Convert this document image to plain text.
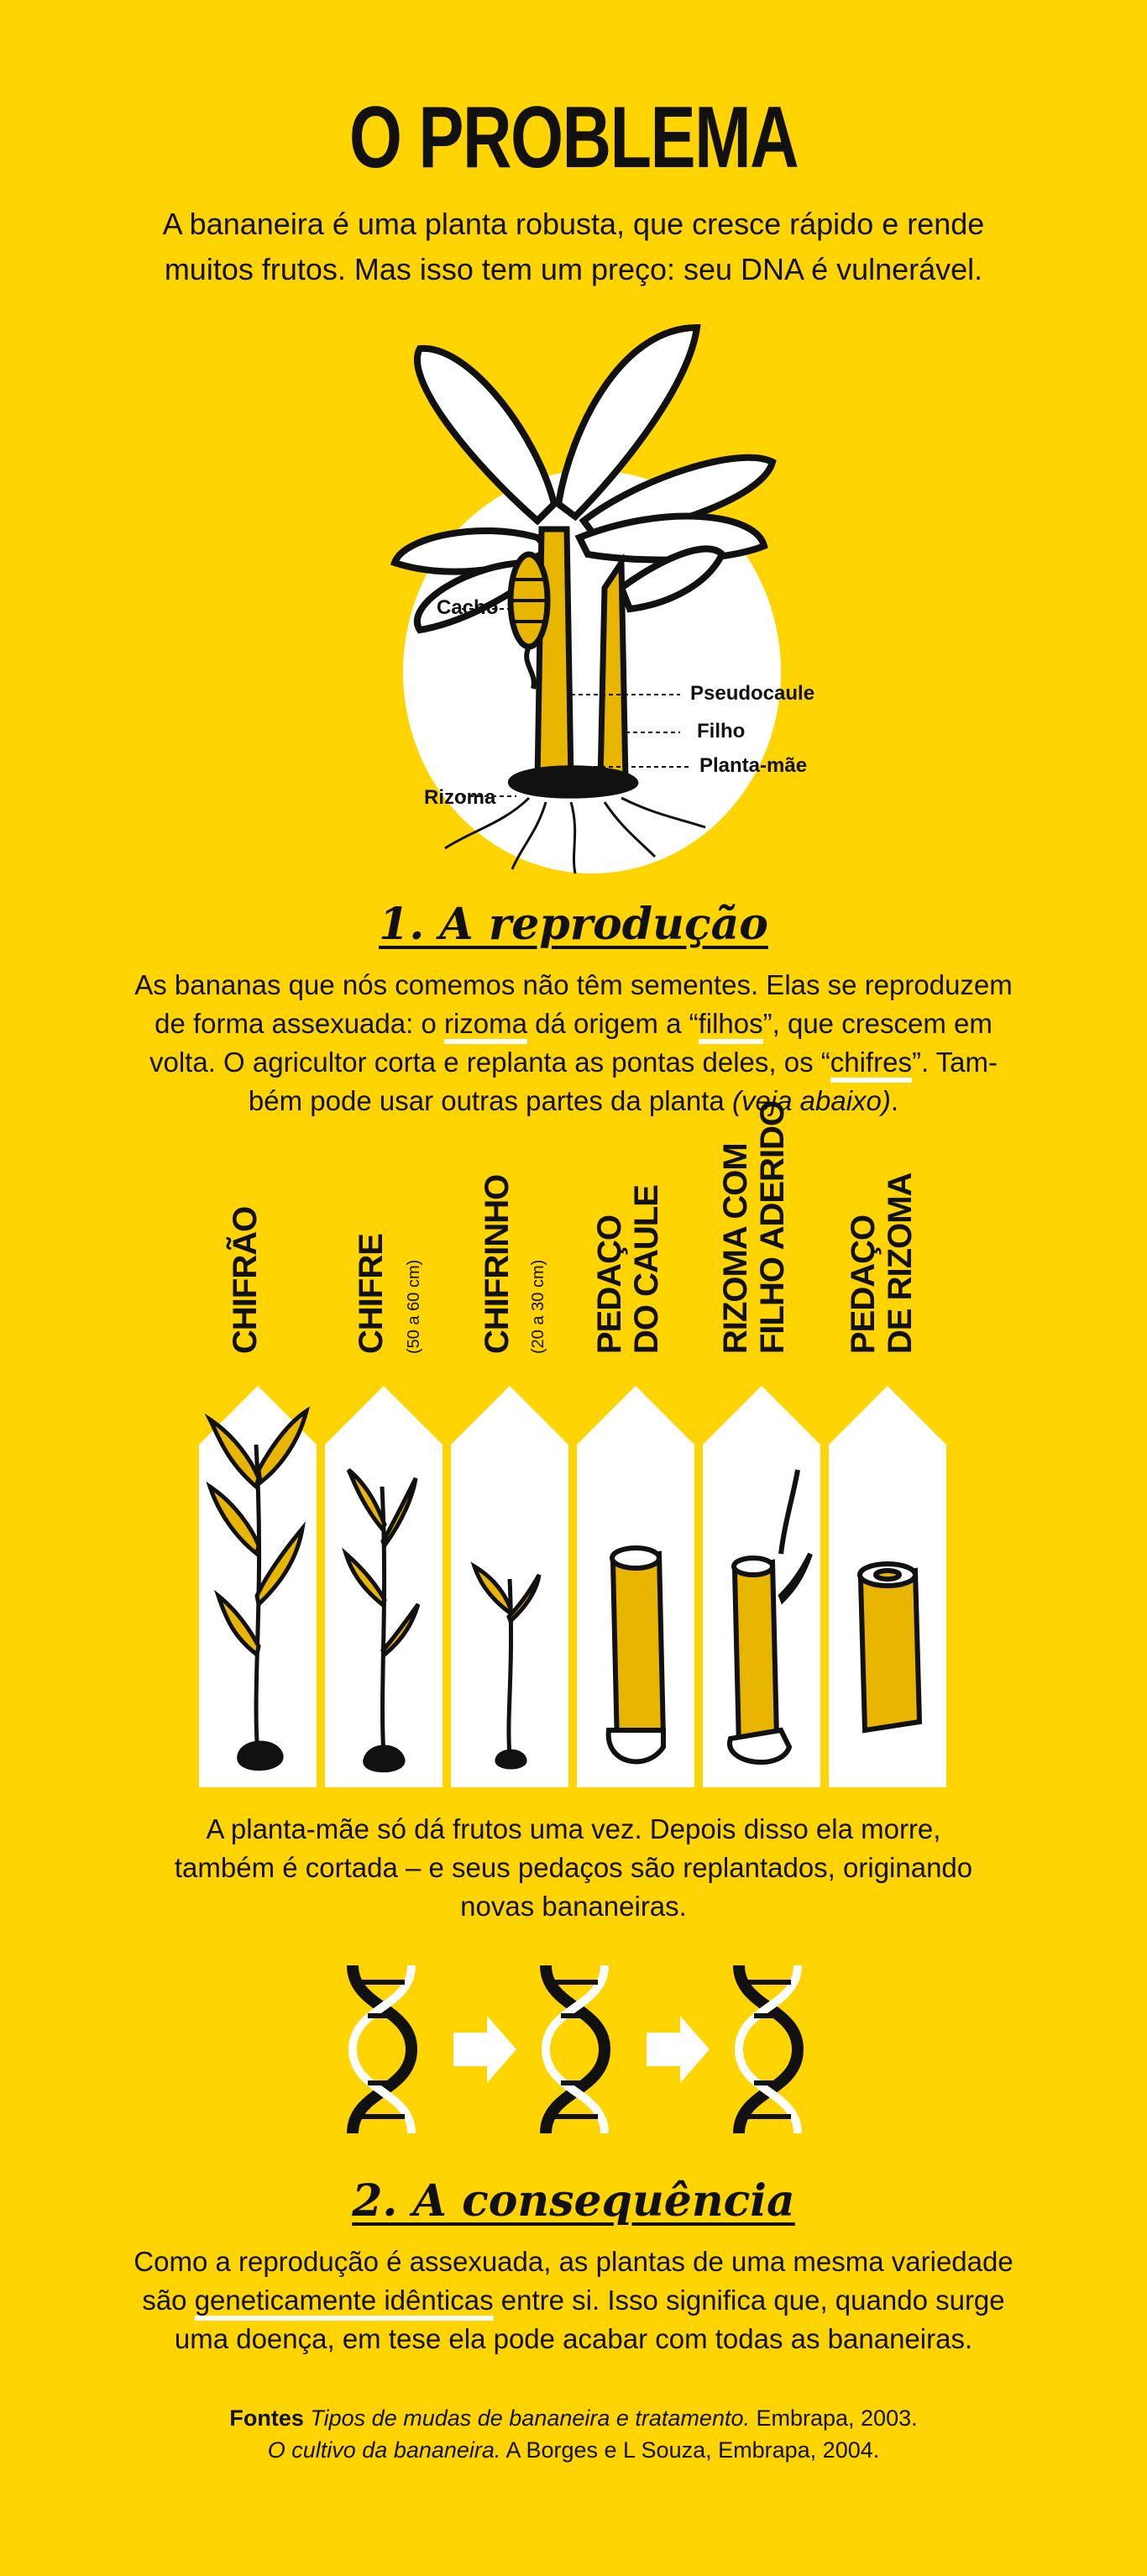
O PROBLEMA
A bananeira é uma planta robusta, que cresce rápido e rende
muitos frutos. Mas isso tem um preço: seu DNA é vulnerável.
Cacho
Pseudocaule
Filho
Planta-mãe
Rizoma
1. A reprodução
As bananas que nós comemos não têm sementes. Elas se reproduzem
de forma assexuada: o rizoma dá origem a “filhos”, que crescem em
volta. O agricultor corta e replanta as pontas deles, os “chifres”. Tam-
bém pode usar outras partes da planta (veja abaixo).
CHIFRÃO	CHIFRE (50 a 60 cm) CHIFRINHO (20 a 30 cm) PEDAÇO DO CAULE RIZOMA COM FILHO ADERIDO PEDAÇO DE RIZOMA
A planta-mãe só dá frutos uma vez. Depois disso ela morre,
também é cortada – e seus pedaços são replantados, originando
novas bananeiras.
2. A consequência
Como a reprodução é assexuada, as plantas de uma mesma variedade
são geneticamente idênticas entre si. Isso significa que, quando surge
uma doença, em tese ela pode acabar com todas as bananeiras.
Fontes Tipos de mudas de bananeira e tratamento. Embrapa, 2003.
O cultivo da bananeira. A Borges e L Souza, Embrapa, 2004.
